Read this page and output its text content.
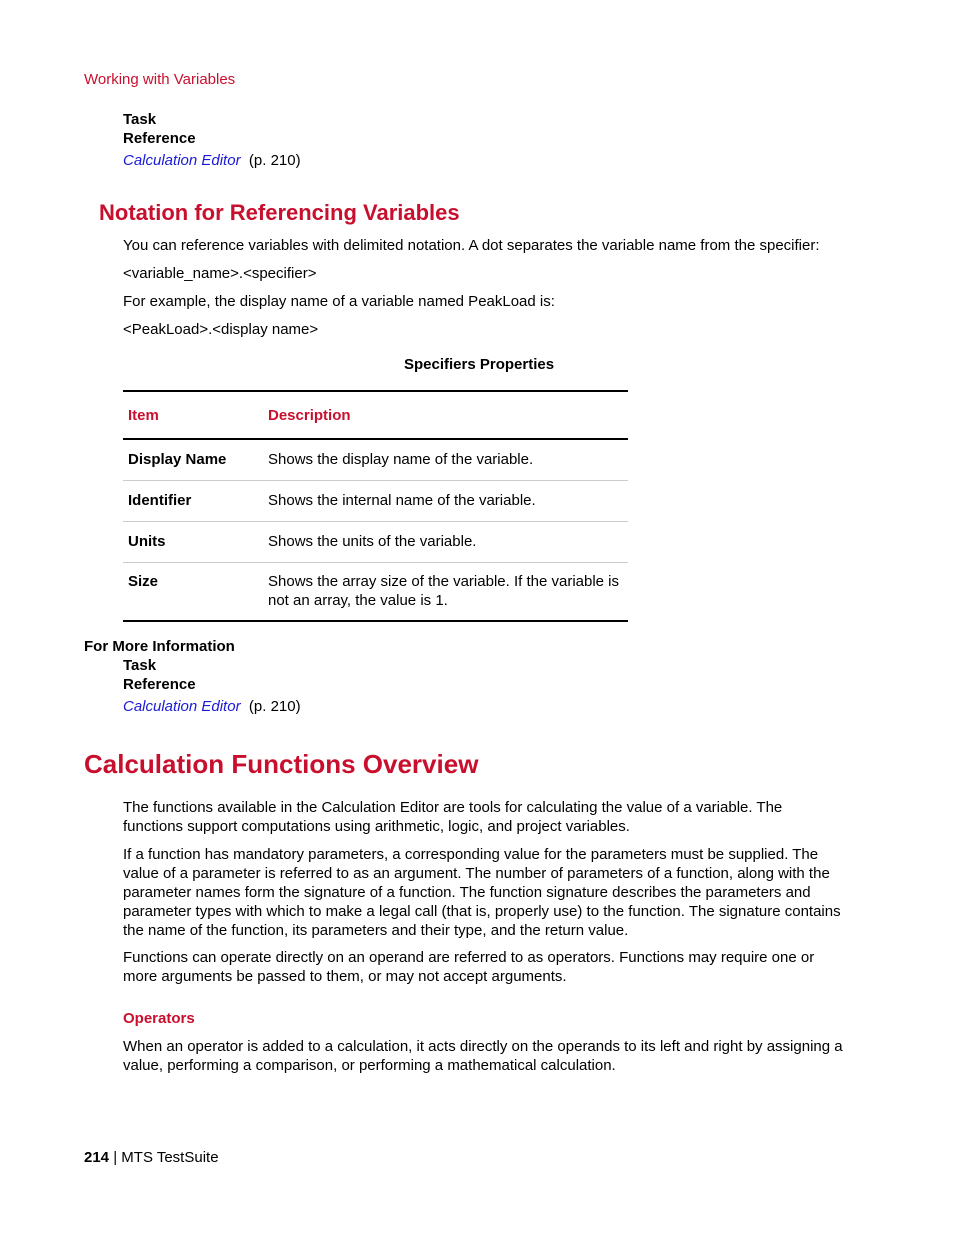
Working with Variables
Task
Reference
Calculation Editor (p. 210)
Notation for Referencing Variables
You can reference variables with delimited notation. A dot separates the variable name from the specifier:
<variable_name>.<specifier>
For example, the display name of a variable named PeakLoad is:
<PeakLoad>.<display name>
Specifiers Properties
Item	Description
Display Name	Shows the display name of the variable.
Identifier	Shows the internal name of the variable.
Units	Shows the units of the variable.
Size	Shows the array size of the variable. If the variable is not an array, the value is 1.
For More Information
Task
Reference
Calculation Editor (p. 210)
Calculation Functions Overview
The functions available in the Calculation Editor are tools for calculating the value of a variable. The functions support computations using arithmetic, logic, and project variables.
If a function has mandatory parameters, a corresponding value for the parameters must be supplied. The value of a parameter is referred to as an argument. The number of parameters of a function, along with the parameter names form the signature of a function. The function signature describes the parameters and parameter types with which to make a legal call (that is, properly use) to the function. The signature contains the name of the function, its parameters and their type, and the return value.
Functions can operate directly on an operand are referred to as operators. Functions may require one or more arguments be passed to them, or may not accept arguments.
Operators
When an operator is added to a calculation, it acts directly on the operands to its left and right by assigning a value, performing a comparison, or performing a mathematical calculation.
214 | MTS TestSuite
